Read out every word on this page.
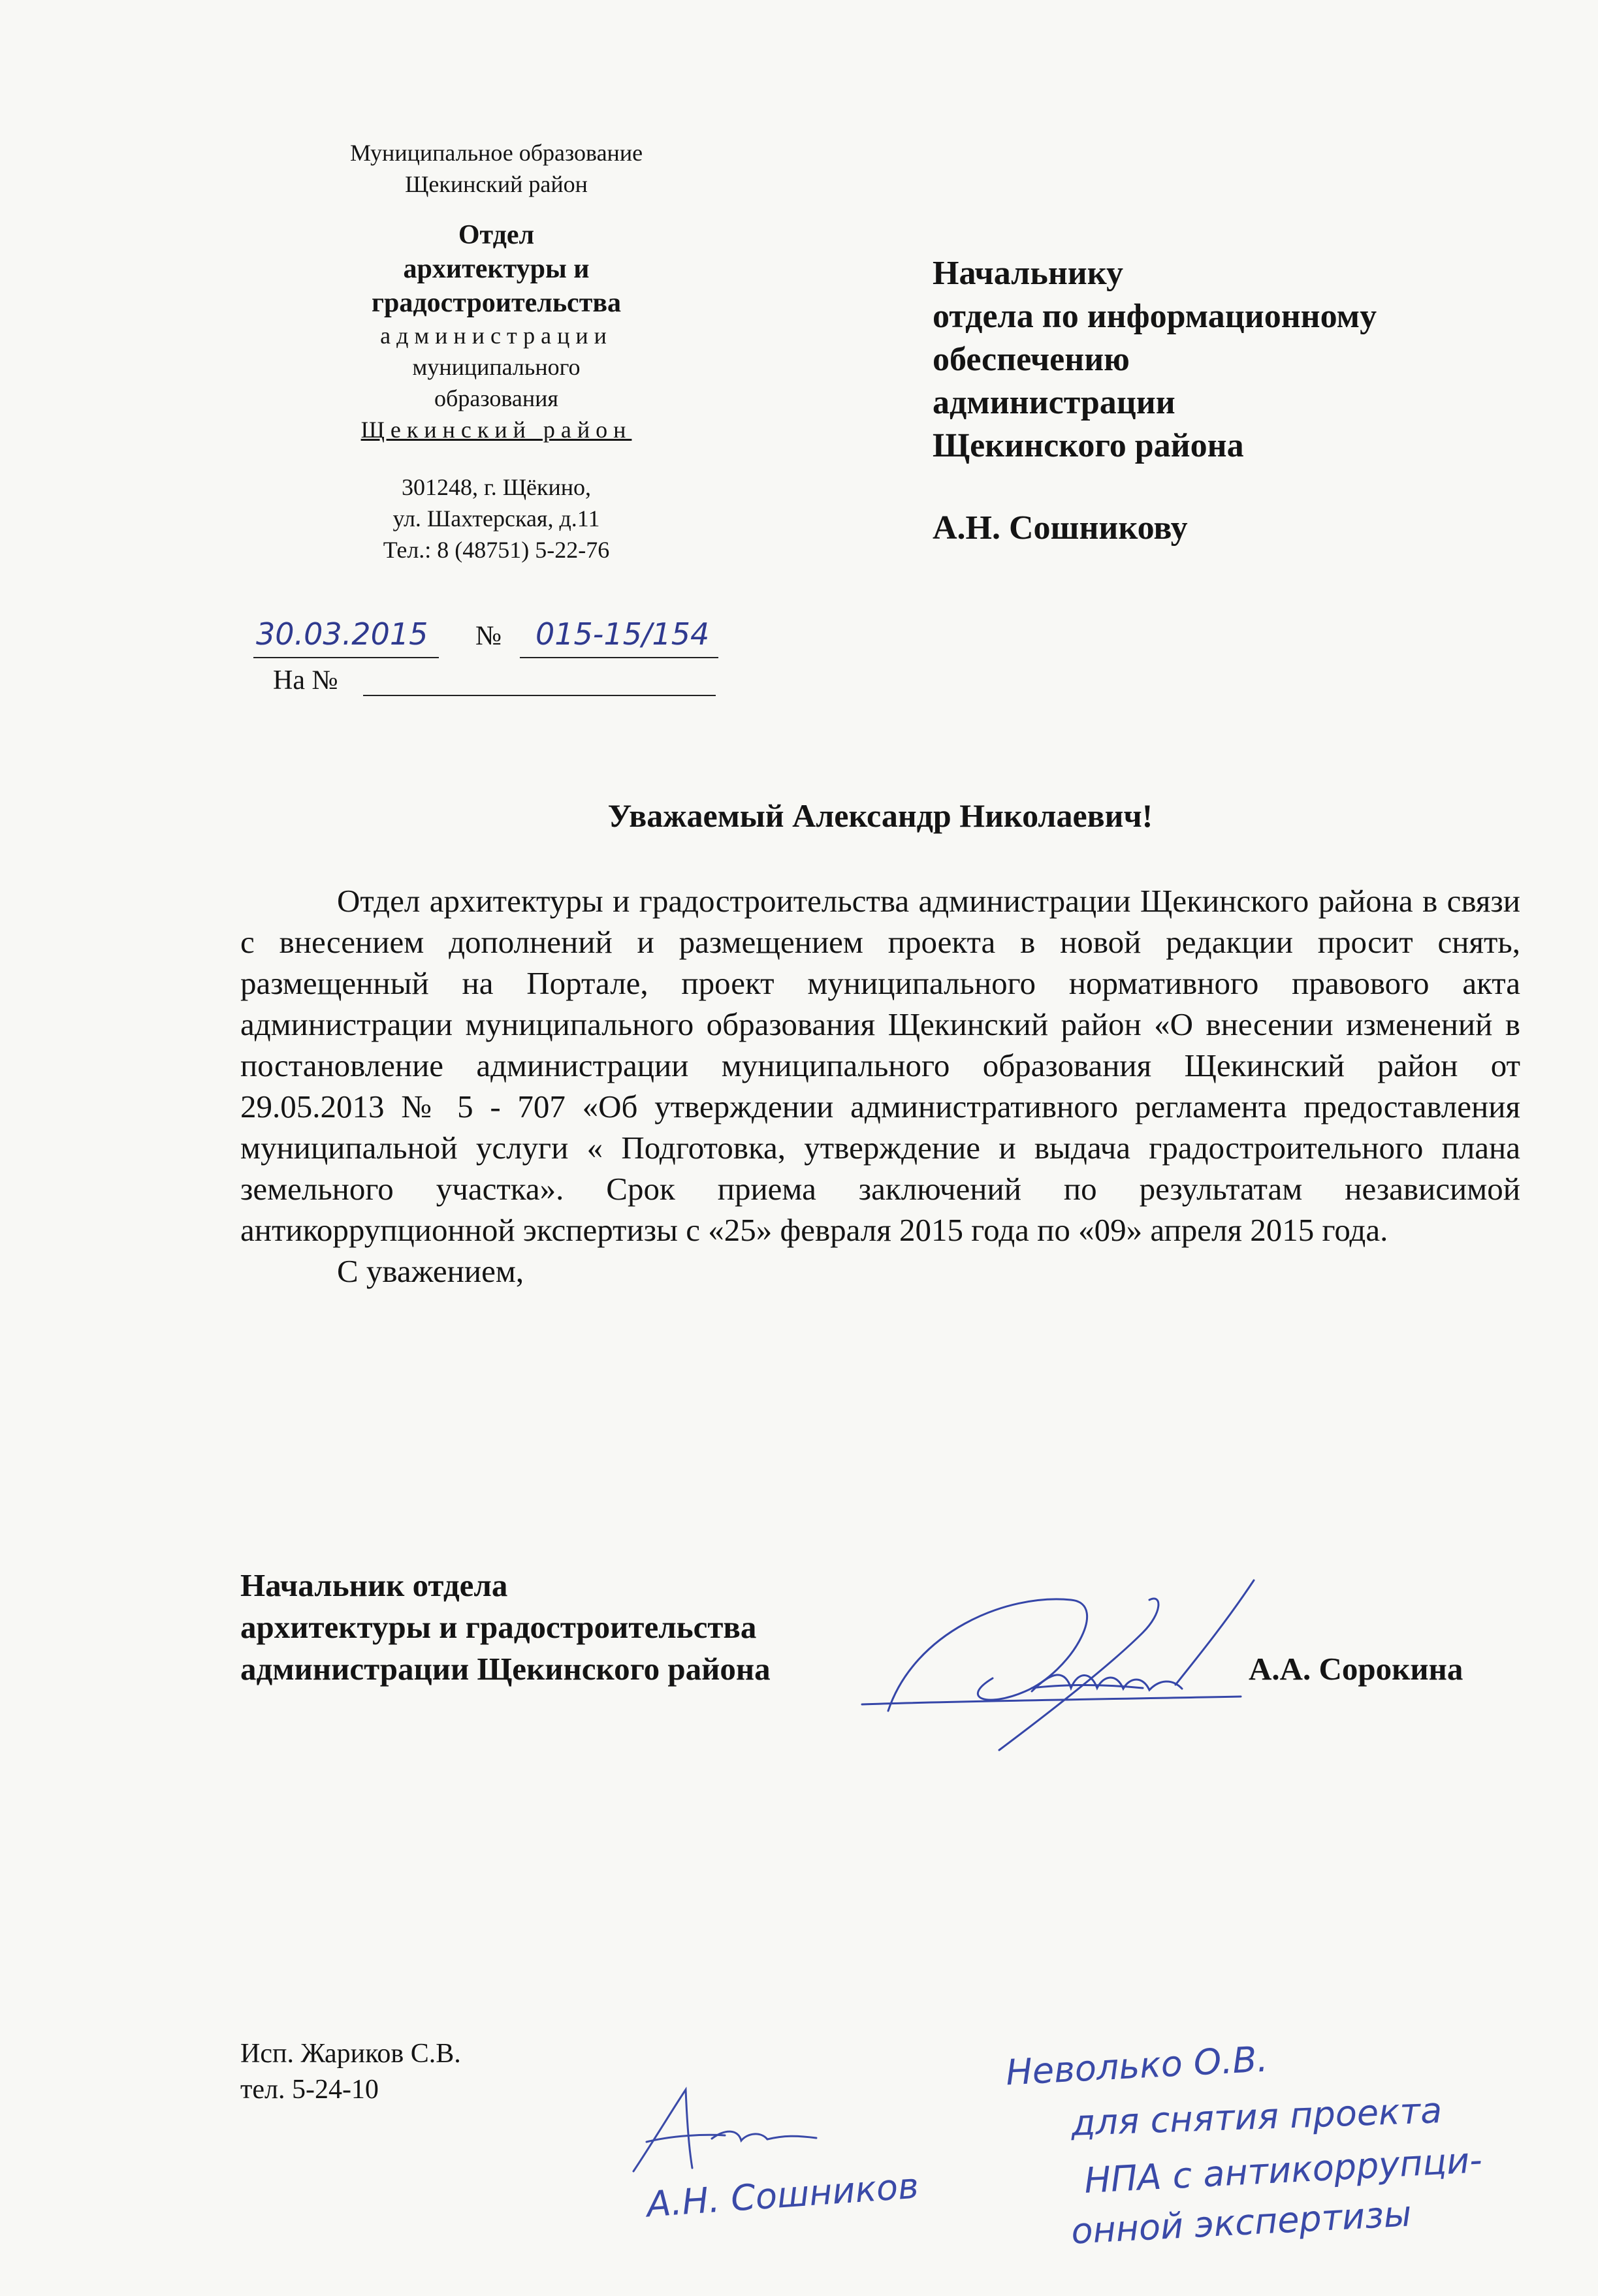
Муниципальное образование
Щекинский район
Отдел
архитектуры и
градостроительства
администрации
муниципального
образования
Щекинский район
301248, г. Щёкино,
ул. Шахтерская, д.11
Тел.: 8 (48751) 5-22-76
30.03.2015 № 015-15/154
На №
Начальнику
отдела по информационному
обеспечению
администрации
Щекинского района
А.Н. Сошникову
Уважаемый Александр Николаевич!

Отдел архитектуры и градостроительства администрации Щекинского района в связи с внесением дополнений и размещением проекта в новой редакции просит снять, размещенный на Портале, проект муниципального нормативного правового акта администрации муниципального образования Щекинский район «О внесении изменений в постановление администрации муниципального образования Щекинский район от 29.05.2013 № 5 - 707 «Об утверждении административного регламента предоставления муниципальной услуги « Подготовка, утверждение и выдача градостроительного плана земельного участка». Срок приема заключений по результатам независимой антикоррупционной экспертизы с «25» февраля 2015 года по «09» апреля 2015 года.

С уважением,

Начальник отдела
архитектуры и градостроительства
администрации Щекинского района	А.А. Сорокина
Исп. Жариков С.В.
тел. 5-24-10	Неволько О.В.
для снятия проекта
НПА с антикоррупци-
онной экспертизы
А.Н. Сошников
